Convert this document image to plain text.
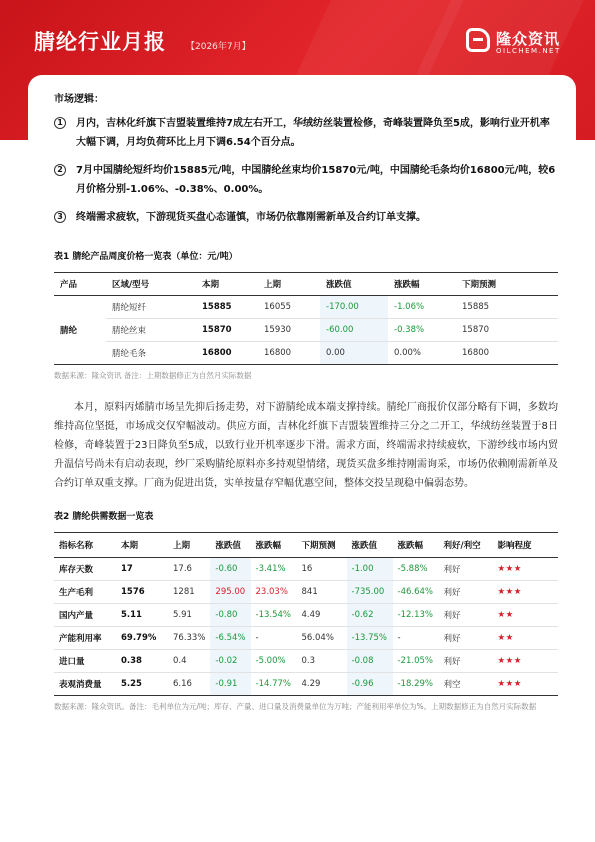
腈纶行业月报 【2026年7月】	隆众资讯
OILCHEM.NET
市场逻辑：
1	月内，吉林化纤旗下吉盟装置维持7成左右开工，华绒纺丝装置检修，奇峰装置降负至5成，影响行业开机率大幅下调，月均负荷环比上月下调6.54个百分点。
2	7月中国腈纶短纤均价15885元/吨，中国腈纶丝束均价15870元/吨，中国腈纶毛条均价16800元/吨，较6月价格分别-1.06%、-0.38%、0.00%。
3	终端需求疲软，下游现货买盘心态谨慎，市场仍依靠刚需新单及合约订单支撑。
表1 腈纶产品周度价格一览表（单位：元/吨）
产品	区域/型号	本期	上期	涨跌值	涨跌幅	下期预测
腈纶	腈纶短纤	15885	16055	-170.00	-1.06%	15885
	腈纶丝束	15870	15930	-60.00	-0.38%	15870
	腈纶毛条	16800	16800	0.00	0.00%	16800
数据来源：隆众资讯 备注：上期数据修正为自然月实际数据
本月，原料丙烯腈市场呈先抑后扬走势，对下游腈纶成本端支撑持续。腈纶厂商报价仅部分略有下调，多数均维持高位坚挺，市场成交仅窄幅波动。供应方面，吉林化纤旗下吉盟装置维持三分之二开工，华绒纺丝装置于8日检修，奇峰装置于23日降负至5成，以致行业开机率逐步下滑。需求方面，终端需求持续疲软，下游纱线市场内贸升温信号尚未有启动表现，纱厂采购腈纶原料亦多持观望情绪，现货买盘多维持刚需询采，市场仍依赖刚需新单及合约订单双重支撑。厂商为促进出货，实单按量存窄幅优惠空间，整体交投呈现稳中偏弱态势。
表2 腈纶供需数据一览表
指标名称	本期	上期	涨跌值	涨跌幅	下期预测	涨跌值	涨跌幅	利好/利空	影响程度
库存天数	17	17.6	-0.60	-3.41%	16	-1.00	-5.88%	利好	★★★
生产毛利	1576	1281	295.00	23.03%	841	-735.00	-46.64%	利好	★★★
国内产量	5.11	5.91	-0.80	-13.54%	4.49	-0.62	-12.13%	利好	★★
产能利用率	69.79%	76.33%	-6.54%	-	56.04%	-13.75%	-	利好	★★
进口量	0.38	0.4	-0.02	-5.00%	0.3	-0.08	-21.05%	利好	★★★
表观消费量	5.25	6.16	-0.91	-14.77%	4.29	-0.96	-18.29%	利空	★★★
数据来源：隆众资讯。备注：毛利单位为元/吨；库存、产量、进口量及消费量单位为万吨；产能利用率单位为%。上期数据修正为自然月实际数据
